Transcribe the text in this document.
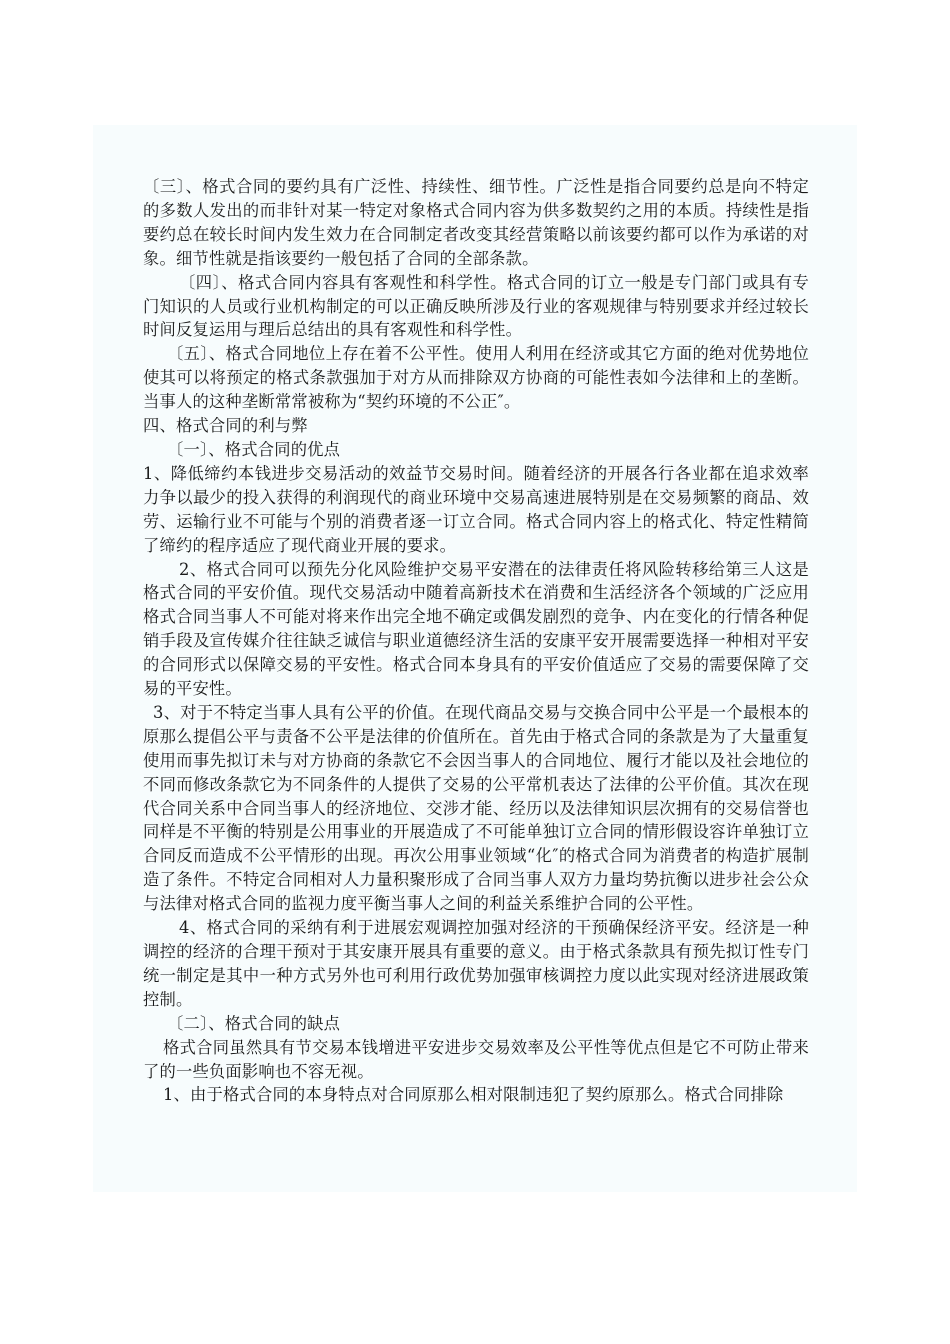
〔三〕、格式合同的要约具有广泛性、持续性、细节性。广泛性是指合同要约总是向不特定的多数人发出的而非针对某一特定对象格式合同内容为供多数契约之用的本质。持续性是指要约总在较长时间内发生效力在合同制定者改变其经营策略以前该要约都可以作为承诺的对象。细节性就是指该要约一般包括了合同的全部条款。

〔四〕、格式合同内容具有客观性和科学性。格式合同的订立一般是专门部门或具有专门知识的人员或行业机构制定的可以正确反映所涉及行业的客观规律与特别要求并经过较长时间反复运用与理后总结出的具有客观性和科学性。

〔五〕、格式合同地位上存在着不公平性。使用人利用在经济或其它方面的绝对优势地位使其可以将预定的格式条款强加于对方从而排除双方协商的可能性表如今法律和上的垄断。当事人的这种垄断常常被称为“契约环境的不公正″。

四、格式合同的利与弊

〔一〕、格式合同的优点

1、降低缔约本钱进步交易活动的效益节交易时间。随着经济的开展各行各业都在追求效率力争以最少的投入获得的利润现代的商业环境中交易高速进展特别是在交易频繁的商品、效劳、运输行业不可能与个别的消费者逐一订立合同。格式合同内容上的格式化、特定性精简了缔约的程序适应了现代商业开展的要求。

2、格式合同可以预先分化风险维护交易平安潜在的法律责任将风险转移给第三人这是格式合同的平安价值。现代交易活动中随着高新技术在消费和生活经济各个领域的广泛应用格式合同当事人不可能对将来作出完全地不确定或偶发剧烈的竞争、内在变化的行情各种促销手段及宣传媒介往往缺乏诚信与职业道德经济生活的安康平安开展需要选择一种相对平安的合同形式以保障交易的平安性。格式合同本身具有的平安价值适应了交易的需要保障了交易的平安性。

3、对于不特定当事人具有公平的价值。在现代商品交易与交换合同中公平是一个最根本的原那么提倡公平与责备不公平是法律的价值所在。首先由于格式合同的条款是为了大量重复使用而事先拟订未与对方协商的条款它不会因当事人的合同地位、履行才能以及社会地位的不同而修改条款它为不同条件的人提供了交易的公平常机表达了法律的公平价值。其次在现代合同关系中合同当事人的经济地位、交涉才能、经历以及法律知识层次拥有的交易信誉也同样是不平衡的特别是公用事业的开展造成了不可能单独订立合同的情形假设容许单独订立合同反而造成不公平情形的出现。再次公用事业领域“化″的格式合同为消费者的构造扩展制造了条件。不特定合同相对人力量积聚形成了合同当事人双方力量均势抗衡以进步社会公众与法律对格式合同的监视力度平衡当事人之间的利益关系维护合同的公平性。

4、格式合同的采纳有利于进展宏观调控加强对经济的干预确保经济平安。经济是一种调控的经济的合理干预对于其安康开展具有重要的意义。由于格式条款具有预先拟订性专门统一制定是其中一种方式另外也可利用行政优势加强审核调控力度以此实现对经济进展政策控制。

〔二〕、格式合同的缺点

格式合同虽然具有节交易本钱增进平安进步交易效率及公平性等优点但是它不可防止带来了的一些负面影响也不容无视。

1、由于格式合同的本身特点对合同原那么相对限制违犯了契约原那么。格式合同排除
